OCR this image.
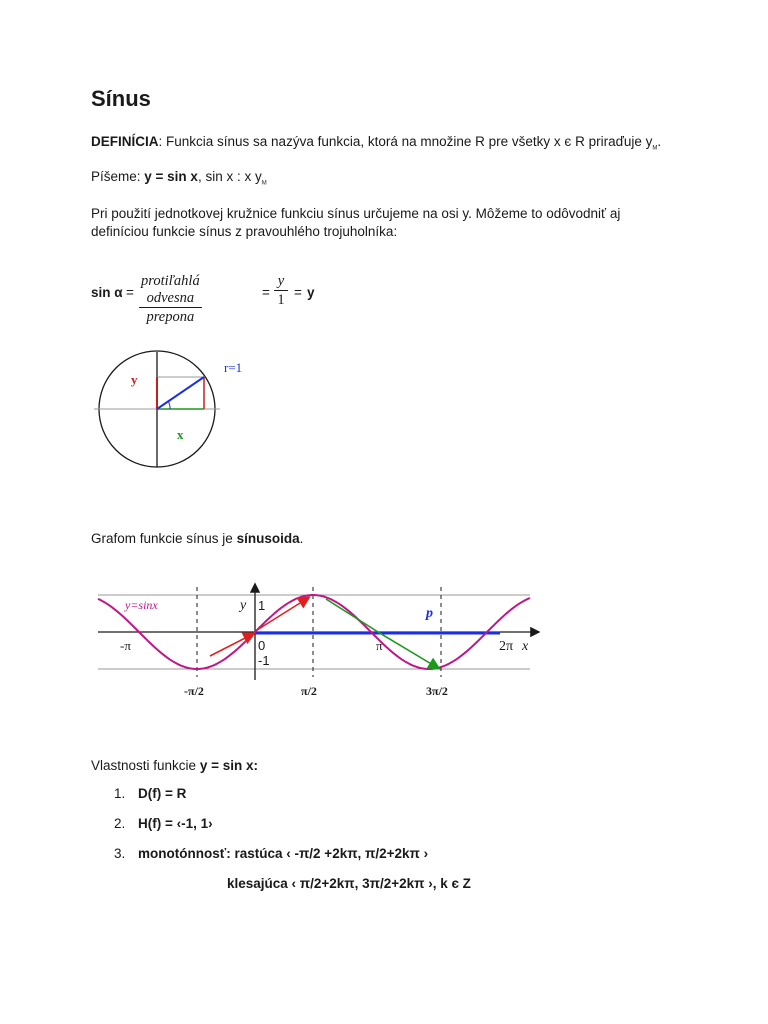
Sínus
DEFINÍCIA: Funkcia sínus sa nazýva funkcia, ktorá na množine R pre všetky x є R priraďuje $y_M$.
Píšeme: y = sin x, sin x : x $y_M$
Pri použití jednotkovej kružnice funkciu sínus určujeme na osi y. Môžeme to odôvodniť aj definíciou funkcie sínus z pravouhlého trojuholníka:
sin α =
protiľahlá odvesna
prepona
= $\frac{y}{1} = y$
y
x
r=1
Grafom funkcie sínus je sínusoida.
y=sinx	y 1
0
-1
-π	π	2π x
p
-π/2	π/2	3π/2
Vlastnosti funkcie y = sin x:
1. D(f) = R
2. H(f) = ‹-1, 1›
3. monotónnosť: rastúca ‹ -π/2 +2kπ, π/2+2kπ ›
klesajúca ‹ π/2+2kπ, 3π/2+2kπ ›, k є Z
